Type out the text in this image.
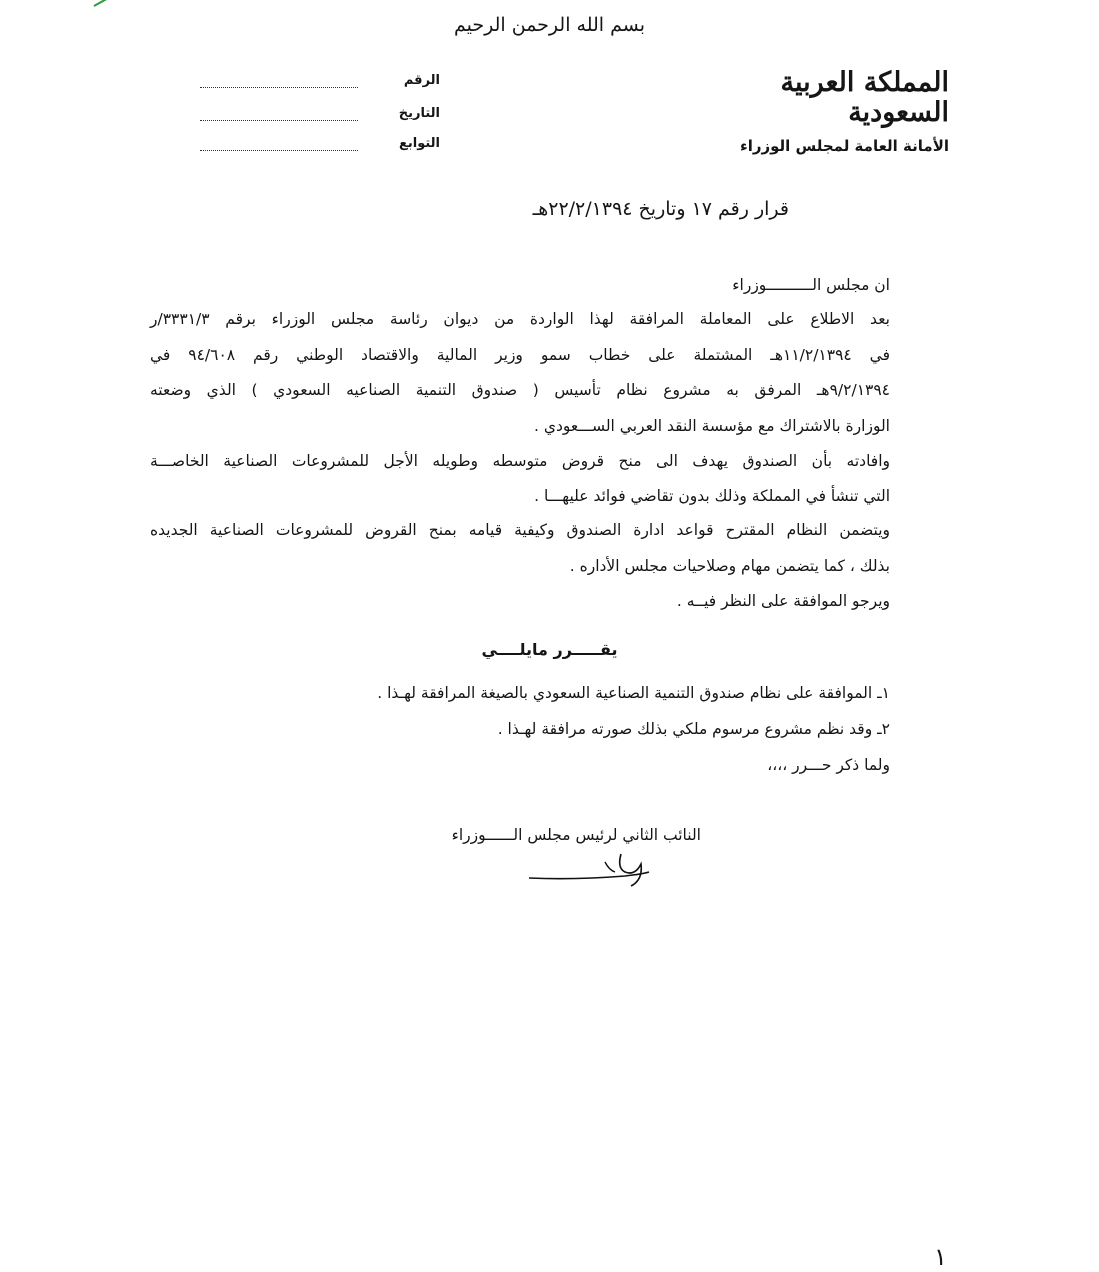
بسم الله الرحمن الرحيم
المملكة العربية السعودية
الأمانة العامة لمجلس الوزراء
الرقم
التاريخ
التوابع
قرار رقم ١٧ وتاريخ ٢٢/٢/١٣٩٤هـ
ان مجلس الــــــــــوزراء
بعد الاطلاع على المعاملة المرافقة لهذا الواردة من ديوان رئاسة مجلس الوزراء برقم ٣٣٣١/٣/ر
في ١١/٢/١٣٩٤هـ المشتملة على خطاب سمو وزير المالية والاقتصاد الوطني رقم ٩٤/٦٠٨ في
٩/٢/١٣٩٤هـ المرفق به مشروع نظام تأسيس ( صندوق التنمية الصناعيه السعودي ) الذي وضعته
الوزارة بالاشتراك مع مؤسسة النقد العربي الســـعودي .
وافادته بأن الصندوق يهدف الى منح قروض متوسطه وطويله الأجل للمشروعات الصناعية الخاصـــة
التي تنشأ في المملكة وذلك بدون تقاضي فوائد عليهـــا .
ويتضمن النظام المقترح قواعد ادارة الصندوق وكيفية قيامه بمنح القروض للمشروعات الصناعية الجديده
بذلك ، كما يتضمن مهام وصلاحيات مجلس الأداره .
ويرجو الموافقة على النظر فيــه .
يقـــــرر مايلــــي
١ـ الموافقة على نظام صندوق التنمية الصناعية السعودي بالصيغة المرافقة لهـذا .
٢ـ وقد نظم مشروع مرسوم ملكي بذلك صورته مرافقة لهـذا .
ولما ذكر حـــرر ،،،،
النائب الثاني لرئيس مجلس الــــــوزراء
١
